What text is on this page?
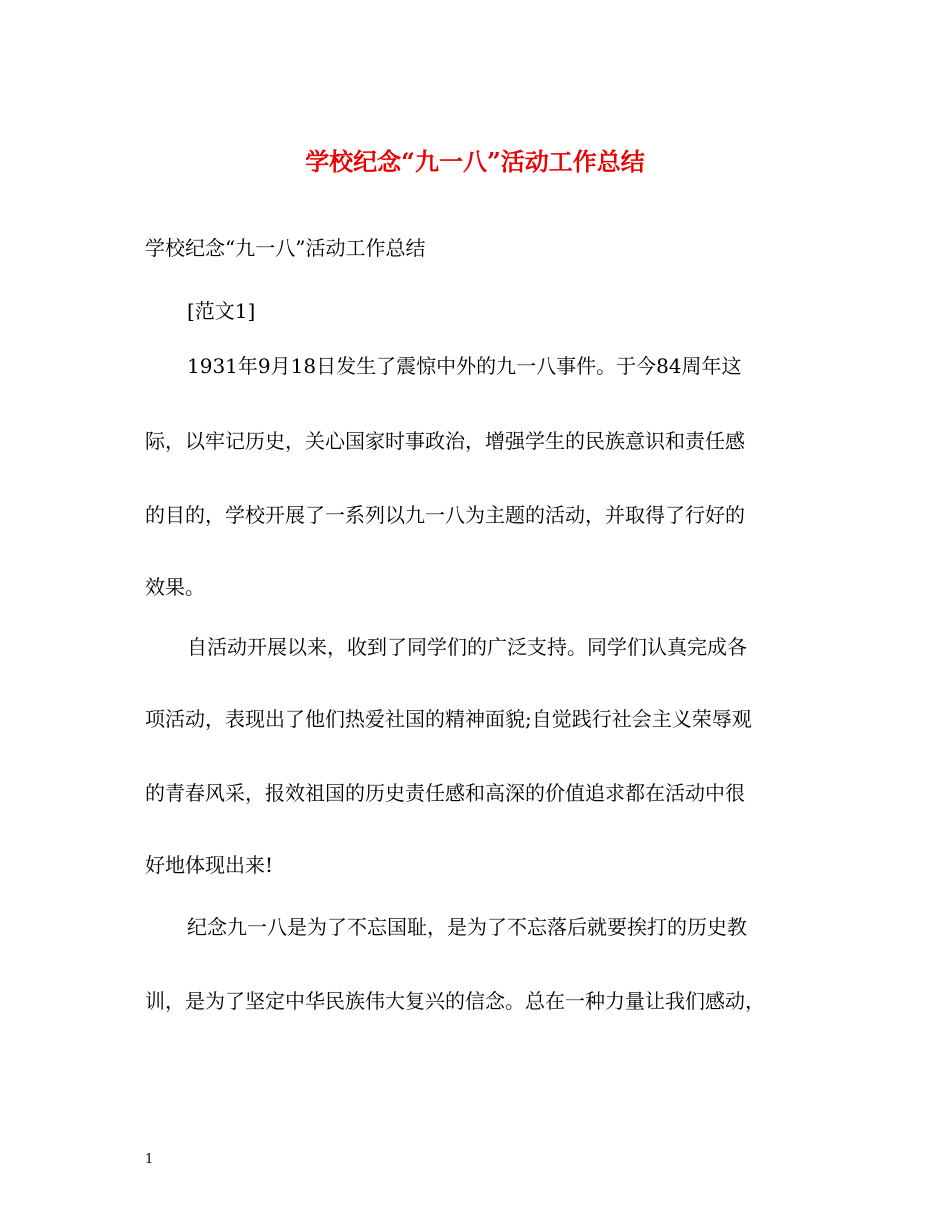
学校纪念“九一八”活动工作总结
学校纪念“九一八”活动工作总结
[范文1]
1931年9月18日发生了震惊中外的九一八事件。于今84周年这
际，以牢记历史，关心国家时事政治，增强学生的民族意识和责任感
的目的，学校开展了一系列以九一八为主题的活动，并取得了行好的
效果。
自活动开展以来，收到了同学们的广泛支持。同学们认真完成各
项活动，表现出了他们热爱社国的精神面貌;自觉践行社会主义荣辱观
的青春风采，报效祖国的历史责任感和高深的价值追求都在活动中很
好地体现出来!
纪念九一八是为了不忘国耻，是为了不忘落后就要挨打的历史教
训，是为了坚定中华民族伟大复兴的信念。总在一种力量让我们感动，
1
